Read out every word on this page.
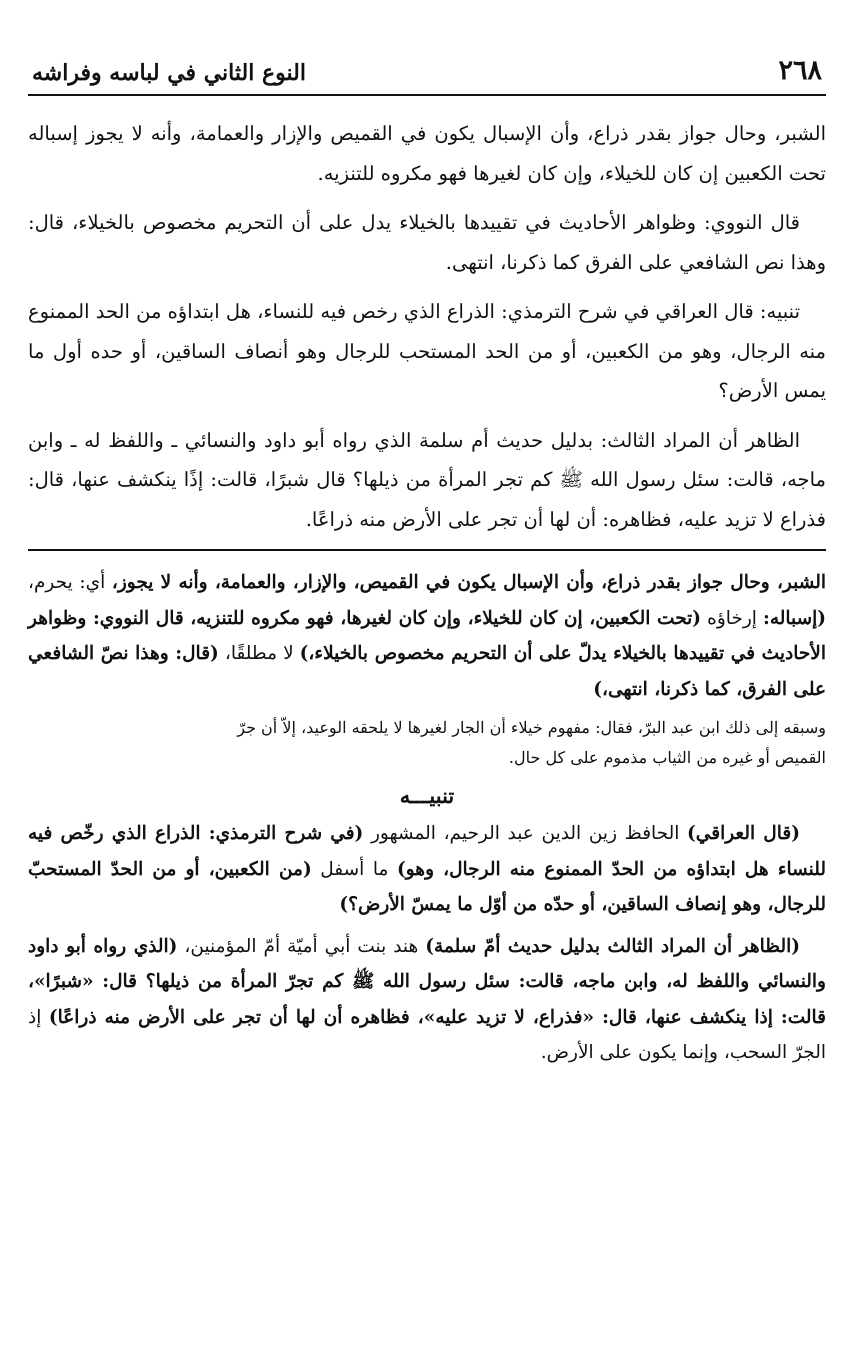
٢٦٨
النوع الثاني في لباسه وفراشه

الشبر، وحال جواز بقدر ذراع، وأن الإسبال يكون في القميص والإزار والعمامة، وأنه لا يجوز إسباله تحت الكعبين إن كان للخيلاء، وإن كان لغيرها فهو مكروه للتنزيه.

قال النووي: وظواهر الأحاديث في تقييدها بالخيلاء يدل على أن التحريم مخصوص بالخيلاء، قال: وهذا نص الشافعي على الفرق كما ذكرنا، انتهى.

تنبيه: قال العراقي في شرح الترمذي: الذراع الذي رخص فيه للنساء، هل ابتداؤه من الحد الممنوع منه الرجال، وهو من الكعبين، أو من الحد المستحب للرجال وهو أنصاف الساقين، أو حده أول ما يمس الأرض؟

الظاهر أن المراد الثالث: بدليل حديث أم سلمة الذي رواه أبو داود والنسائي ـ واللفظ له ـ وابن ماجه، قالت: سئل رسول الله ﷺ كم تجر المرأة من ذيلها؟ قال شبرًا، قالت: إذًا ينكشف عنها، قال: فذراع لا تزيد عليه، فظاهره: أن لها أن تجر على الأرض منه ذراعًا.

الشبر، وحال جواز بقدر ذراع، وأن الإسبال يكون في القميص، والإزار، والعمامة، وأنه لا يجوز، أي: يحرم، (إسباله: إرخاؤه (تحت الكعبين، إن كان للخيلاء، وإن كان لغيرها، فهو مكروه للتنزيه، قال النووي: وظواهر الأحاديث في تقييدها بالخيلاء يدلّ على أن التحريم مخصوص بالخيلاء،) لا مطلقًا، (قال: وهذا نصّ الشافعي على الفرق، كما ذكرنا، انتهى،)

وسبقه إلى ذلك ابن عبد البرّ، فقال: مفهوم خيلاء أن الجار لغيرها لا يلحقه الوعيد، إلاّ أن جرّ
القميص أو غيره من الثياب مذموم على كل حال.

تنبيـــه

(قال العراقي) الحافظ زين الدين عبد الرحيم، المشهور (في شرح الترمذي: الذراع الذي رخّص فيه للنساء هل ابتداؤه من الحدّ الممنوع منه الرجال، وهو) ما أسفل (من الكعبين، أو من الحدّ المستحبّ للرجال، وهو إنصاف الساقين، أو حدّه من أوّل ما يمسّ الأرض؟)

(الظاهر أن المراد الثالث بدليل حديث أمّ سلمة) هند بنت أبي أميّة أمّ المؤمنين، (الذي رواه أبو داود والنسائي واللفظ له، وابن ماجه، قالت: سئل رسول الله ﷺ كم تجرّ المرأة من ذيلها؟ قال: «شبرًا»، قالت: إذا ينكشف عنها، قال: «فذراع، لا تزيد عليه»، فظاهره أن لها أن تجر على الأرض منه ذراعًا) إذ الجرّ السحب، وإنما يكون على الأرض.
